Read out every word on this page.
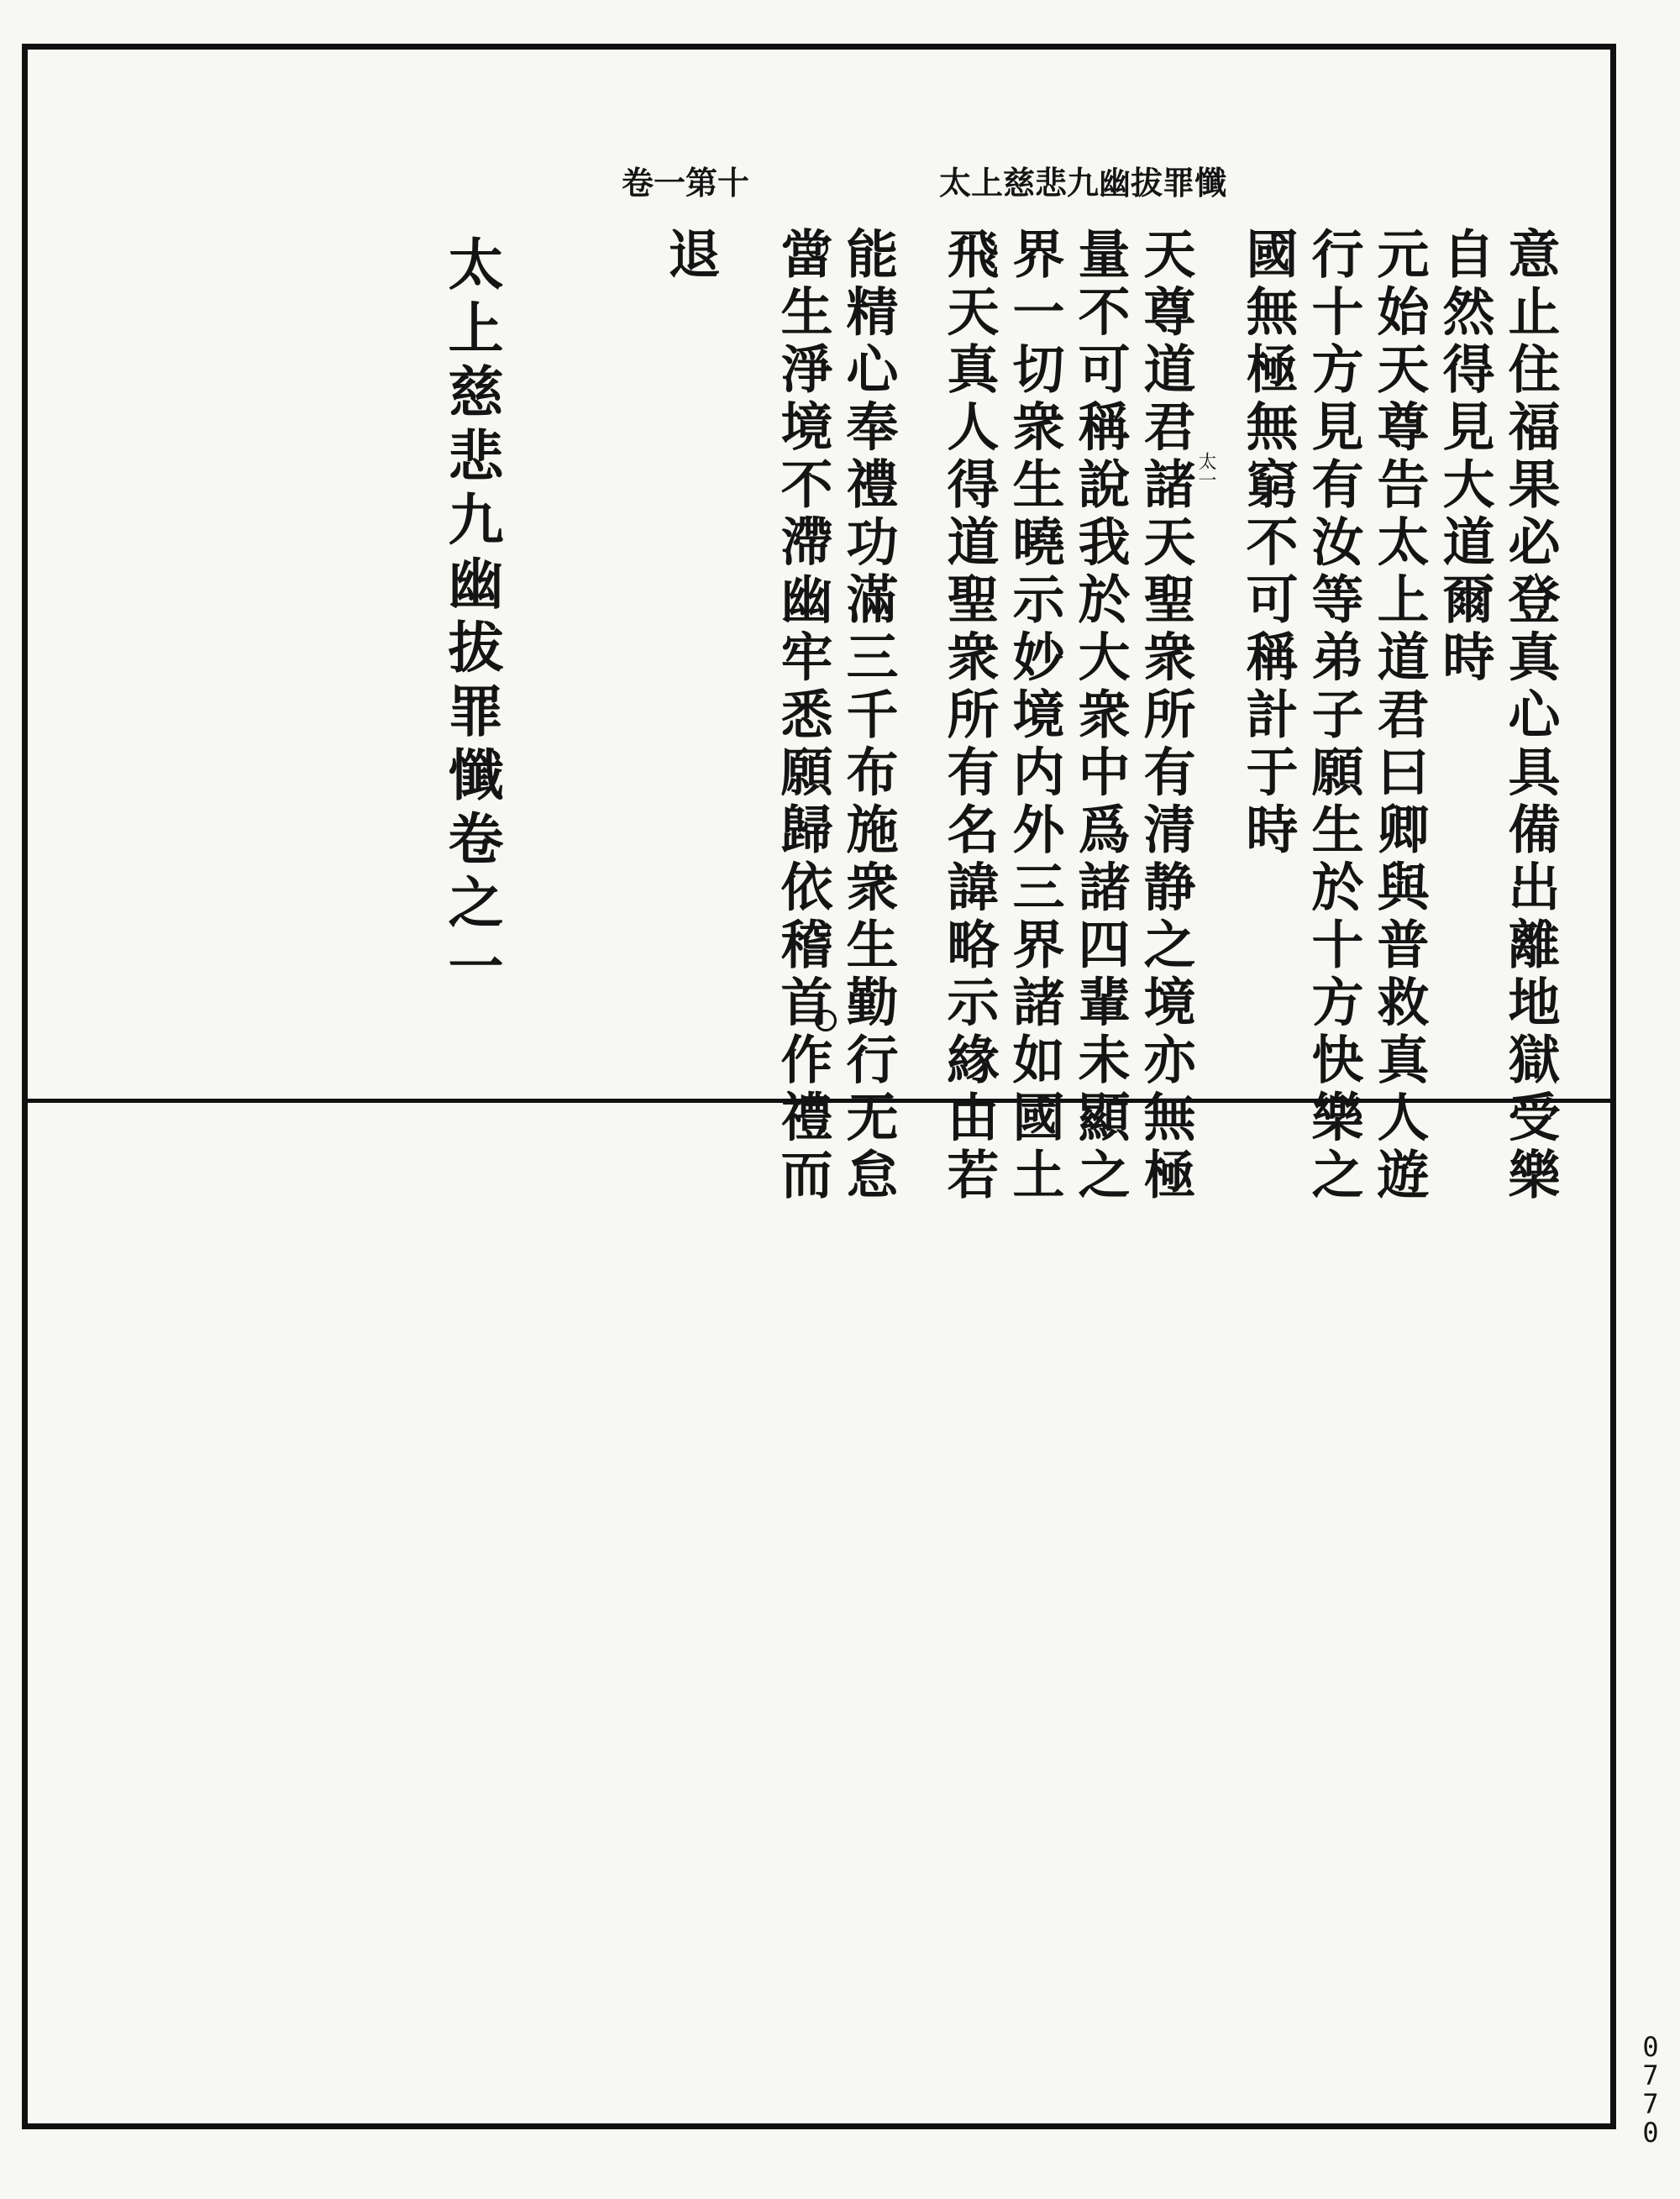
太上慈悲九幽拔罪懺
卷一第十
意止住福果必登真心具備出離地獄受樂
自然得見大道爾時
元始天尊告太上道君曰卿與普救真人遊
行十方見有汝等弟子願生於十方快樂之
國無極無窮不可稱計于時
天尊道君諸天聖衆所有清静之境亦無極
量不可稱說我於大衆中爲諸四輩未顯之
界一切衆生曉示妙境内外三界諸如國土
飛天真人得道聖衆所有名諱略示緣由若
能精心奉禮功滿三千布施衆生勤行无怠
當生淨境不滯幽牢悉願歸依稽首作禮而
退
太一
太上慈悲九幽拔罪懺卷之一
0770
